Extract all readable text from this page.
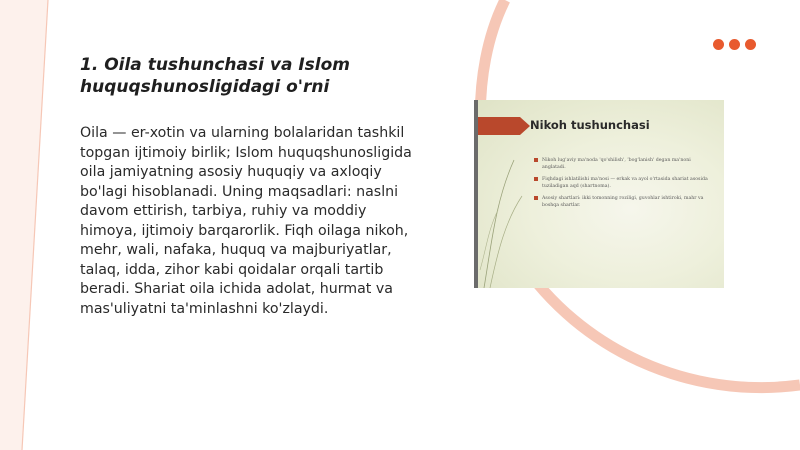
1. Oila tushunchasi va Islom huquqshunosligidagi o'rni

Oila — er-xotin va ularning bolalaridan tashkil topgan ijtimoiy birlik; Islom huquqshunosligida oila jamiyatning asosiy huquqiy va axloqiy bo'lagi hisoblanadi. Uning maqsadlari: naslni davom ettirish, tarbiya, ruhiy va moddiy himoya, ijtimoiy barqarorlik. Fiqh oilaga nikoh, mehr, wali, nafaka, huquq va majburiyatlar, talaq, idda, zihor kabi qoidalar orqali tartib beradi. Shariat oila ichida adolat, hurmat va mas'uliyatni ta'minlashni ko'zlaydi.

Nikoh tushunchasi
Nikoh lug'aviy ma'noda 'qo'shilish', 'bog'lanish' degan ma'noni anglatadi.
Fiqhdagi ishlatilishi ma'nosi — erkak va ayol o'rtasida shariat asosida tuziladigan aqd (shartnoma).
Asosiy shartlari: ikki tomonning roziligi, guvohlar ishtiroki, mahr va boshqa shartlar.
